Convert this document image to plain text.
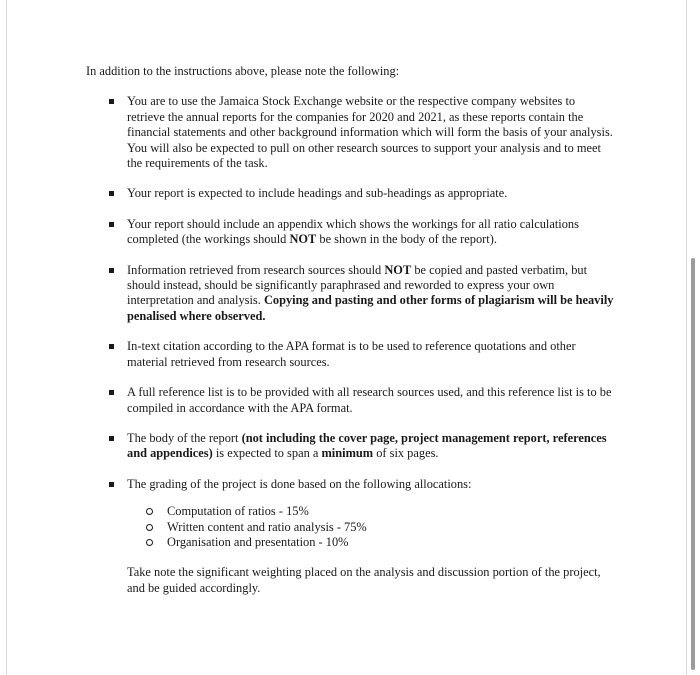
In addition to the instructions above, please note the following:

You are to use the Jamaica Stock Exchange website or the respective company websites to retrieve the annual reports for the companies for 2020 and 2021, as these reports contain the financial statements and other background information which will form the basis of your analysis. You will also be expected to pull on other research sources to support your analysis and to meet the requirements of the task.
Your report is expected to include headings and sub-headings as appropriate.
Your report should include an appendix which shows the workings for all ratio calculations completed (the workings should NOT be shown in the body of the report).
Information retrieved from research sources should NOT be copied and pasted verbatim, but should instead, should be significantly paraphrased and reworded to express your own interpretation and analysis. Copying and pasting and other forms of plagiarism will be heavily penalised where observed.
In-text citation according to the APA format is to be used to reference quotations and other material retrieved from research sources.
A full reference list is to be provided with all research sources used, and this reference list is to be compiled in accordance with the APA format.
The body of the report (not including the cover page, project management report, references and appendices) is expected to span a minimum of six pages.
The grading of the project is done based on the following allocations:
Computation of ratios - 15%
Written content and ratio analysis - 75%
Organisation and presentation - 10%

Take note the significant weighting placed on the analysis and discussion portion of the project, and be guided accordingly.
